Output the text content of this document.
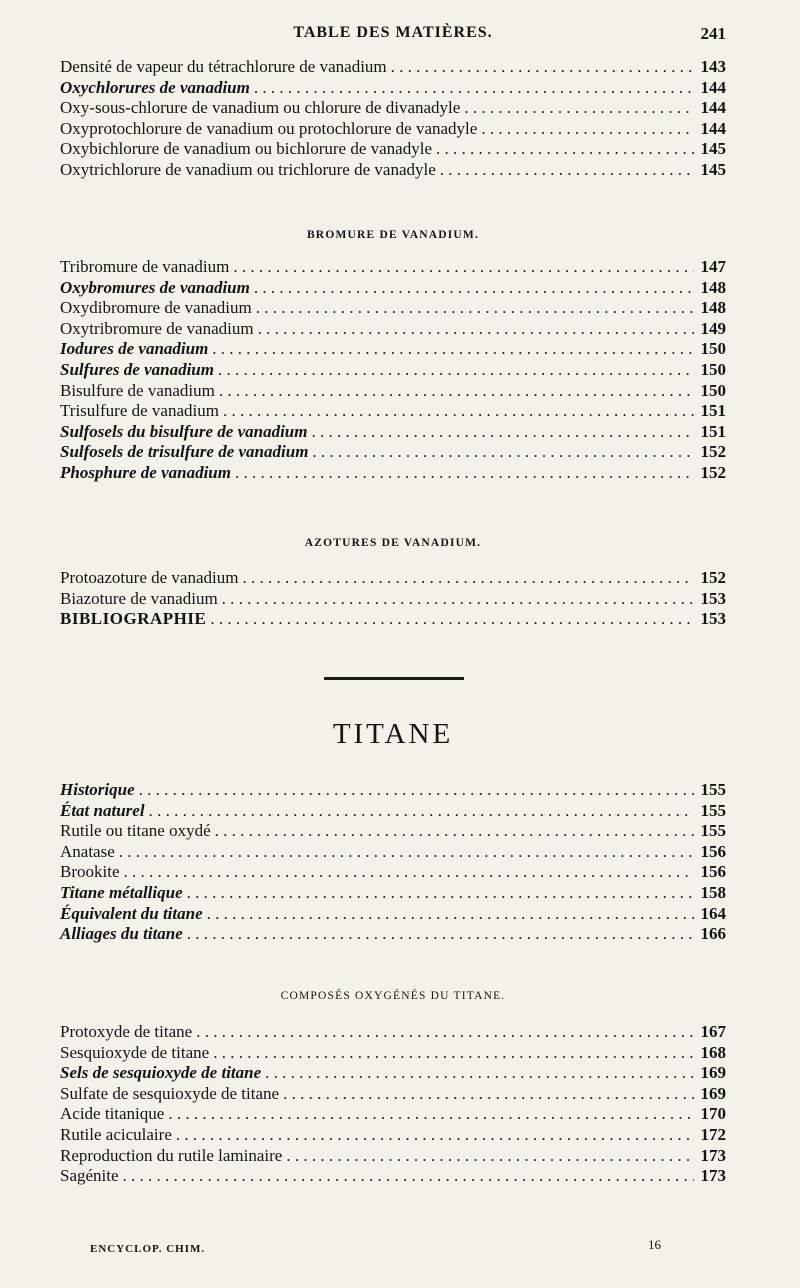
TABLE DES MATIÈRES.	241
Densité de vapeur du tétrachlorure de vanadium . . .	143
Oxychlorures de vanadium . . .	144
Oxy-sous-chlorure de vanadium ou chlorure de divanadyle . . .	144
Oxyprotochlorure de vanadium ou protochlorure de vanadyle . . .	144
Oxybichlorure de vanadium ou bichlorure de vanadyle . . .	145
Oxytrichlorure de vanadium ou trichlorure de vanadyle . . .	145
BROMURE DE VANADIUM.
Tribromure de vanadium . . .	147
Oxybromures de vanadium . . .	148
Oxydibromure de vanadium . . .	148
Oxytribromure de vanadium . . .	149
Iodures de vanadium . . .	150
Sulfures de vanadium . . .	150
Bisulfure de vanadium . . .	150
Trisulfure de vanadium . . .	151
Sulfosels du bisulfure de vanadium . . .	151
Sulfosels de trisulfure de vanadium . . .	152
Phosphure de vanadium . . .	152
AZOTURES DE VANADIUM.
Protoazoture de vanadium . . .	152
Biazoture de vanadium . . .	153
BIBLIOGRAPHIE . . .	153
TITANE
Historique . . .	155
État naturel . . .	155
Rutile ou titane oxydé . . .	155
Anatase . . .	156
Brookite . . .	156
Titane métallique . . .	158
Équivalent du titane . . .	164
Alliages du titane . . .	166
COMPOSÉS OXYGÉNÉS DU TITANE.
Protoxyde de titane . . .	167
Sesquioxyde de titane . . .	168
Sels de sesquioxyde de titane . . .	169
Sulfate de sesquioxyde de titane . . .	169
Acide titanique . . .	170
Rutile aciculaire . . .	172
Reproduction du rutile laminaire . . .	173
Sagénite . . .	173
ENCYCLOP. CHIM.	16
